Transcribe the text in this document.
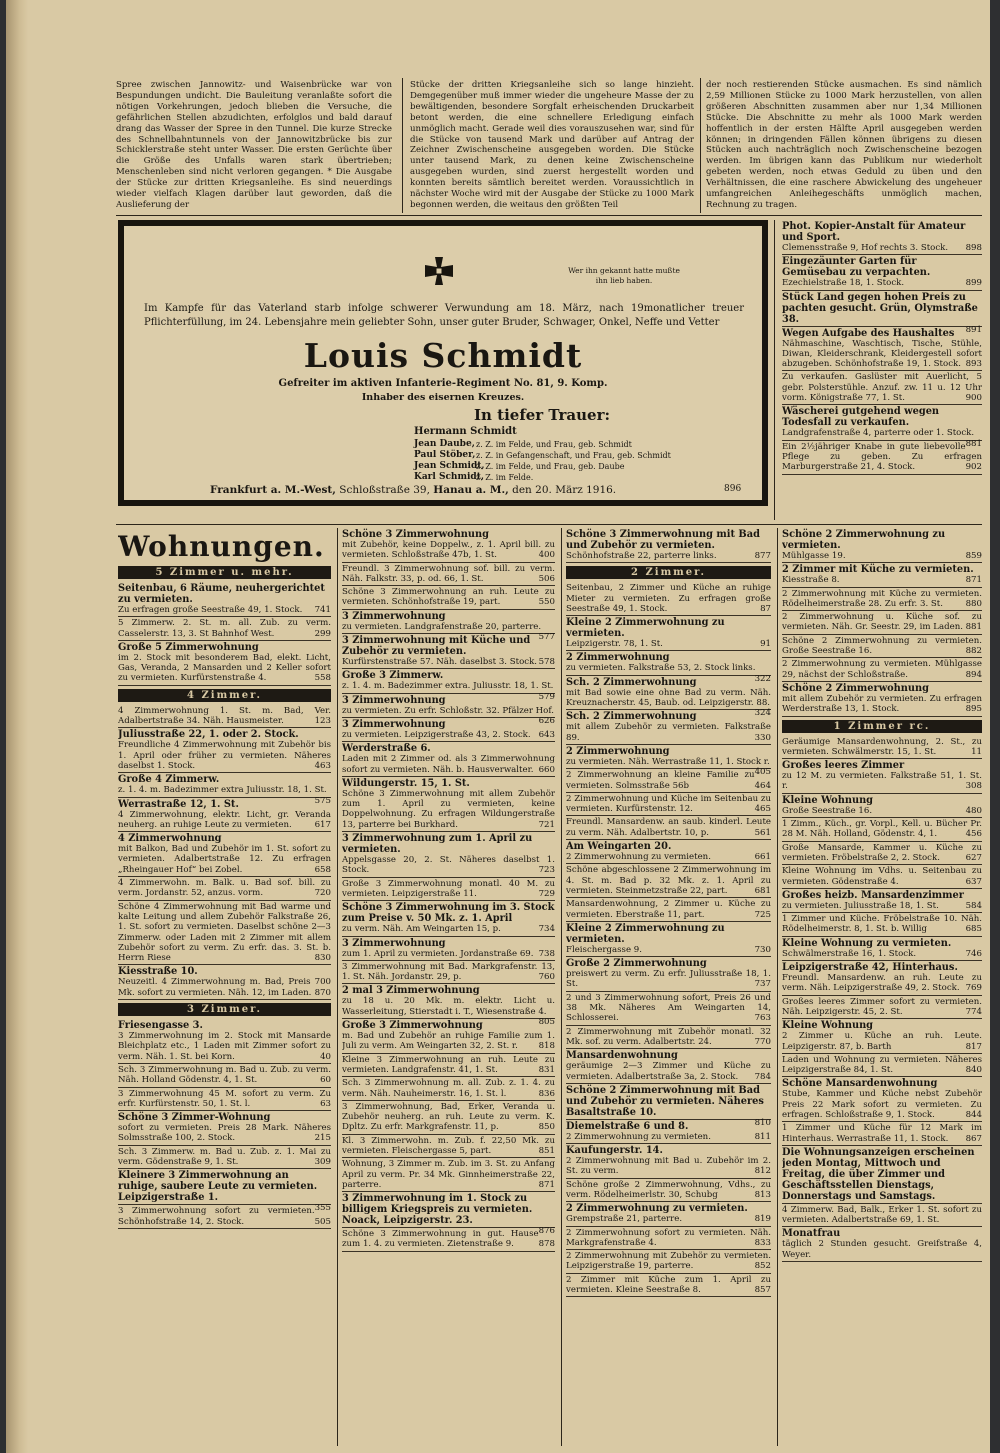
Spree zwischen Jannowitz- und Waisenbrücke war von Bespundungen undicht. Die Bauleitung veranlaßte sofort die nötigen Vorkehrungen, jedoch blieben die Versuche, die gefährlichen Stellen abzudichten, erfolglos und bald darauf drang das Wasser der Spree in den Tunnel. Die kurze Strecke des Schnellbahntunnels von der Jannowitzbrücke bis zur Schicklerstraße steht unter Wasser. Die ersten Gerüchte über die Größe des Unfalls waren stark übertrieben; Menschenleben sind nicht verloren gegangen. * Die Ausgabe der Stücke zur dritten Kriegsanleihe. Es sind neuerdings wieder vielfach Klagen darüber laut geworden, daß die Auslieferung der

Stücke der dritten Kriegsanleihe sich so lange hinzieht. Demgegenüber muß immer wieder die ungeheure Masse der zu bewältigenden, besondere Sorgfalt erheischenden Druckarbeit betont werden, die eine schnellere Erledigung einfach unmöglich macht. Gerade weil dies vorauszusehen war, sind für die Stücke von tausend Mark und darüber auf Antrag der Zeichner Zwischenscheine ausgegeben worden. Die Stücke unter tausend Mark, zu denen keine Zwischenscheine ausgegeben wurden, sind zuerst hergestellt worden und konnten bereits sämtlich bereitet werden. Voraussichtlich in nächster Woche wird mit der Ausgabe der Stücke zu 1000 Mark begonnen werden, die weitaus den größten Teil

der noch restierenden Stücke ausmachen. Es sind nämlich 2,59 Millionen Stücke zu 1000 Mark herzustellen, von allen größeren Abschnitten zusammen aber nur 1,34 Millionen Stücke. Die Abschnitte zu mehr als 1000 Mark werden hoffentlich in der ersten Hälfte April ausgegeben werden können; in dringenden Fällen können übrigens zu diesen Stücken auch nachträglich noch Zwischenscheine bezogen werden. Im übrigen kann das Publikum nur wiederholt gebeten werden, noch etwas Geduld zu üben und den Verhältnissen, die eine raschere Abwickelung des ungeheuer umfangreichen Anleihegeschäfts unmöglich machen, Rechnung zu tragen.

Wer ihn gekannt hatte mußte ihn lieb haben.
Im Kampfe für das Vaterland starb infolge schwerer Verwundung am 18. März, nach 19monatlicher treuer Pflichterfüllung, im 24. Lebensjahre mein geliebter Sohn, unser guter Bruder, Schwager, Onkel, Neffe und Vetter
Louis Schmidt
Gefreiter im aktiven Infanterie-Regiment No. 81, 9. Komp.
Inhaber des eisernen Kreuzes.
In tiefer Trauer:
Hermann Schmidt
Jean Daube, z. Z. im Felde, und Frau, geb. Schmidt
Paul Stöber, z. Z. in Gefangenschaft, und Frau, geb. Schmidt
Jean Schmidt,
z. Z. im Felde, und Frau, geb. Daube
Karl Schmidt,
z. Z. im Felde.
Frankfurt a. M.-West, Schloßstraße 39, Hanau a. M., den 20. März 1916.	896
Phot. Kopier-Anstalt für Amateur und Sport.
Clemensstraße 9, Hof rechts 3. Stock. 898
Eingezäunter Garten für Gemüsebau zu verpachten.
Ezechielstraße 18, 1. Stock.	899
Stück Land gegen hohen Preis zu pachten gesucht. Grün, Olymstraße 38.
891
Wegen Aufgabe des Haushaltes
Nähmaschine, Waschtisch, Tische, Stühle, Diwan, Kleiderschrank, Kleidergestell sofort abzugeben. Schönhofstraße 19, 1. Stock. 893
Zu verkaufen. Gaslüster mit Auerlicht, 5 gebr. Polsterstühle. Anzuf. zw. 11 u. 12 Uhr vorm. Königstraße 77, 1. St.	900
Wäscherei gutgehend wegen Todesfall zu verkaufen.
Landgrafenstraße 4, parterre oder 1. Stock.
881
Ein 2½jähriger Knabe in gute liebevolle Pflege zu geben. Zu erfragen Marburgerstraße 21, 4. Stock.	902
Wohnungen.
5 Zimmer u. mehr.
Seitenbau, 6 Räume, neuhergerichtet zu vermieten.
Zu erfragen große Seestraße 49, 1. Stock. 741
5 Zimmerw. 2. St. m. all. Zub. zu verm. Casselerstr. 13, 3. St Bahnhof West.	299
Große 5 Zimmerwohnung
im 2. Stock mit besonderem Bad, elekt. Licht, Gas, Veranda, 2 Mansarden und 2 Keller sofort zu vermieten. Kurfürstenstraße 4.	558
4 Zimmer.
4 Zimmerwohnung 1. St. m. Bad, Ver. Adalbertstraße 34. Näh. Hausmeister.	123
Juliusstraße 22, 1. oder 2. Stock.
Freundliche 4 Zimmerwohnung mit Zubehör bis 1. April oder früher zu vermieten. Näheres daselbst 1. Stock.	463
Große 4 Zimmerw.
z. 1. 4. m. Badezimmer extra Juliusstr. 18, 1. St.
575
Werrastraße 12, 1. St.
4 Zimmerwohnung, elektr. Licht, gr. Veranda neuherg. an ruhige Leute zu vermieten.	617
4 Zimmerwohnung
mit Balkon, Bad und Zubehör im 1. St. sofort zu vermieten. Adalbertstraße 12. Zu erfragen „Rheingauer Hof“ bei Zobel.	658
4 Zimmerwohn. m. Balk. u. Bad sof. bill. zu verm. Jordanstr. 52, anzus. vorm.	720
Schöne 4 Zimmerwohnung mit Bad warme und kalte Leitung und allem Zubehör Falkstraße 26, 1. St. sofort zu vermieten. Daselbst schöne 2—3 Zimmerw. oder Laden mit 2 Zimmer mit allem Zubehör sofort zu verm. Zu erfr. das. 3. St. b. Herrn Riese	830
Kiesstraße 10.
Neuzeitl. 4 Zimmerwohnung m. Bad, Preis 700 Mk. sofort zu vermieten. Näh. 12, im Laden. 870
3 Zimmer.
Friesengasse 3.
3 Zimmerwohnung im 2. Stock mit Mansarde Bleichplatz etc., 1 Laden mit Zimmer sofort zu verm. Näh. 1. St. bei Korn.	40
Sch. 3 Zimmerwohnung m. Bad u. Zub. zu verm. Näh. Holland Gödenstr. 4, 1. St.	60
3 Zimmerwohnung 45 M. sofort zu verm. Zu erfr. Kurfürstenstr. 50, 1. St. l.	63
Schöne 3 Zimmer-Wohnung
sofort zu vermieten. Preis 28 Mark. Näheres Solmsstraße 100, 2. Stock.	215
Sch. 3 Zimmerw. m. Bad u. Zub. z. 1. Mai zu verm. Gödenstraße 9, 1. St.	309
Kleinere 3 Zimmerwohnung an ruhige, saubere Leute zu vermieten. Leipzigerstraße 1.
355
3 Zimmerwohnung sofort zu vermieten. Schönhofstraße 14, 2. Stock.	505
Schöne 3 Zimmerwohnung
mit Zubehör, keine Doppelw., z. 1. April bill. zu vermieten. Schloßstraße 47b, 1. St.	400
Freundl. 3 Zimmerwohnung sof. bill. zu verm. Näh. Falkstr. 33, p. od. 66, 1. St.	506
Schöne 3 Zimmerwohnung an ruh. Leute zu vermieten. Schönhofstraße 19, part.	550
3 Zimmerwohnung
zu vermieten. Landgrafenstraße 20, parterre.
577
3 Zimmerwohnung mit Küche und Zubehör zu vermieten.
Kurfürstenstraße 57. Näh. daselbst 3. Stock. 578
Große 3 Zimmerw.
z. 1. 4. m. Badezimmer extra. Juliusstr. 18, 1. St.
579
3 Zimmerwohnung
zu vermieten. Zu erfr. Schloßstr. 32. Pfälzer Hof.
626
3 Zimmerwohnung
zu vermieten. Leipzigerstraße 43, 2. Stock. 643
Werderstraße 6.
Laden mit 2 Zimmer od. als 3 Zimmerwohnung sofort zu vermieten. Näh. b. Hausverwalter. 660
Wildungerstr. 15, 1. St.
Schöne 3 Zimmerwohnung mit allem Zubehör zum 1. April zu vermieten, keine Doppelwohnung. Zu erfragen Wildungerstraße 13, parterre bei Burkhard.	721
3 Zimmerwohnung zum 1. April zu vermieten.
Appelsgasse 20, 2. St. Näheres daselbst 1. Stock.	723
Große 3 Zimmerwohnung monatl. 40 M. zu vermieten. Leipzigerstraße 11.	729
Schöne 3 Zimmerwohnung im 3. Stock zum Preise v. 50 Mk. z. 1. April
zu verm. Näh. Am Weingarten 15, p.	734
3 Zimmerwohnung
zum 1. April zu vermieten. Jordanstraße 69. 738
3 Zimmerwohnung mit Bad. Markgrafenstr. 13, 1. St. Näh. Jordanstr. 29, p.	760
2 mal 3 Zimmerwohnung
zu 18 u. 20 Mk. m. elektr. Licht u. Wasserleitung, Stierstadt i. T., Wiesenstraße 4.
805
Große 3 Zimmerwohnung
m. Bad und Zubehör an ruhige Familie zum 1. Juli zu verm. Am Weingarten 32, 2. St. r. 818
Kleine 3 Zimmerwohnung an ruh. Leute zu vermieten. Landgrafenstr. 41, 1. St.	831
Sch. 3 Zimmerwohnung m. all. Zub. z. 1. 4. zu verm. Näh. Nauheimerstr. 16, 1. St. l.	836
3 Zimmerwohnung, Bad, Erker, Veranda u. Zubehör neuherg. an ruh. Leute zu verm. K. Dpltz. Zu erfr. Markgrafenstr. 11, p.	850
Kl. 3 Zimmerwohn. m. Zub. f. 22,50 Mk. zu vermieten. Fleischergasse 5, part.	851
Wohnung, 3 Zimmer m. Zub. im 3. St. zu Anfang April zu verm. Pr. 34 Mk. Ginnheimerstraße 22, parterre.	871
3 Zimmerwohnung im 1. Stock zu billigem Kriegspreis zu vermieten. Noack, Leipzigerstr. 23.
876
Schöne 3 Zimmerwohnung in gut. Hause zum 1. 4. zu vermieten. Zietenstraße 9.	878
Schöne 3 Zimmerwohnung mit Bad und Zubehör zu vermieten.
Schönhofstraße 22, parterre links.	877
2 Zimmer.
Seitenbau, 2 Zimmer und Küche an ruhige Mieter zu vermieten. Zu erfragen große Seestraße 49, 1. Stock.	87
Kleine 2 Zimmerwohnung zu vermieten.
Leipzigerstr. 78, 1. St.	91
2 Zimmerwohnung
zu vermieten. Falkstraße 53, 2. Stock links.
322
Sch. 2 Zimmerwohnung
mit Bad sowie eine ohne Bad zu verm. Näh. Kreuznacherstr. 45, Baub. od. Leipzigerstr. 88.
324
Sch. 2 Zimmerwohnung
mit allem Zubehör zu vermieten. Falkstraße 89.	330
2 Zimmerwohnung
zu vermieten. Näh. Werrastraße 11, 1. Stock r.
405
2 Zimmerwohnung an kleine Familie zu vermieten. Solmsstraße 56b	464
2 Zimmerwohnung und Küche im Seitenbau zu vermieten. Kurfürstenstr. 12.	465
Freundl. Mansardenw. an saub. kinderl. Leute zu verm. Näh. Adalbertstr. 10, p.	561
Am Weingarten 20.
2 Zimmerwohnung zu vermieten.	661
Schöne abgeschlossene 2 Zimmerwohnung im 4. St. m. Bad p. 32 Mk. z. 1. April zu vermieten. Steinmetzstraße 22, part.	681
Mansardenwohnung, 2 Zimmer u. Küche zu vermieten. Eberstraße 11, part.	725
Kleine 2 Zimmerwohnung zu vermieten.
Fleischergasse 9.	730
Große 2 Zimmerwohnung
preiswert zu verm. Zu erfr. Juliusstraße 18, 1. St.	737
2 und 3 Zimmerwohnung sofort, Preis 26 und 38 Mk. Näheres Am Weingarten 14, Schlosserei.	763
2 Zimmerwohnung mit Zubehör monatl. 32 Mk. sof. zu verm. Adalbertstr. 24.	770
Mansardenwohnung
geräumige 2—3 Zimmer und Küche zu vermieten. Adalbertstraße 3a, 2. Stock. 784
Schöne 2 Zimmerwohnung mit Bad und Zubehör zu vermieten. Näheres Basaltstraße 10.
810
Diemelstraße 6 und 8.
2 Zimmerwohnung zu vermieten.	811
Kaufungerstr. 14.
2 Zimmerwohnung mit Bad u. Zubehör im 2. St. zu verm.	812
Schöne große 2 Zimmerwohnung, Vdhs., zu verm. Rödelheimerlstr. 30, Schubg	813
2 Zimmerwohnung zu vermieten.
Grempstraße 21, parterre.	819
2 Zimmerwohnung sofort zu vermieten. Näh. Markgrafenstraße 4.	833
2 Zimmerwohnung mit Zubehör zu vermieten. Leipzigerstraße 19, parterre.	852
2 Zimmer mit Küche zum 1. April zu vermieten. Kleine Seestraße 8.	857
Schöne 2 Zimmerwohnung zu vermieten.
Mühlgasse 19.	859
2 Zimmer mit Küche zu vermieten.
Kiesstraße 8.	871
2 Zimmerwohnung mit Küche zu vermieten. Rödelheimerstraße 28. Zu erfr. 3. St.	880
2 Zimmerwohnung u. Küche sof. zu vermieten. Näh. Gr. Seestr. 29, im Laden. 881
Schöne 2 Zimmerwohnung zu vermieten. Große Seestraße 16.	882
2 Zimmerwohnung zu vermieten. Mühlgasse 29, nächst der Schloßstraße.	894
Schöne 2 Zimmerwohnung
mit allem Zubehör zu vermieten. Zu erfragen Werderstraße 13, 1. Stock.	895
1 Zimmer rc.
Geräumige Mansardenwohnung, 2. St., zu vermieten. Schwälmerstr. 15, 1. St.	11
Großes leeres Zimmer
zu 12 M. zu vermieten. Falkstraße 51, 1. St. r.	308
Kleine Wohnung
Große Seestraße 16.	480
1 Zimm., Küch., gr. Vorpl., Kell. u. Bücher Pr. 28 M. Näh. Holland, Gödenstr. 4, 1.	456
Große Mansarde, Kammer u. Küche zu vermieten. Fröbelstraße 2, 2. Stock.	627
Kleine Wohnung im Vdhs. u. Seitenbau zu vermieten. Gödenstraße 4.	637
Großes heizb. Mansardenzimmer
zu vermieten. Juliusstraße 18, 1. St.	584
1 Zimmer und Küche. Fröbelstraße 10. Näh. Rödelheimerstr. 8, 1. St. b. Willig	685
Kleine Wohnung zu vermieten.
Schwälmerstraße 16, 1. Stock.	746
Leipzigerstraße 42, Hinterhaus.
Freundl. Mansardenw. an ruh. Leute zu verm. Näh. Leipzigerstraße 49, 2. Stock. 769
Großes leeres Zimmer sofort zu vermieten. Näh. Leipzigerstr. 45, 2. St.	774
Kleine Wohnung
2 Zimmer u. Küche an ruh. Leute. Leipzigerstr. 87, b. Barth	817
Laden und Wohnung zu vermieten. Näheres Leipzigerstraße 84, 1. St.	840
Schöne Mansardenwohnung
Stube, Kammer und Küche nebst Zubehör Preis 22 Mark sofort zu vermieten. Zu erfragen. Schloßstraße 9, 1. Stock.	844
1 Zimmer und Küche für 12 Mark im Hinterhaus. Werrastraße 11, 1. Stock. 867
Die Wohnungsanzeigen erscheinen jeden Montag, Mittwoch und Freitag, die über Zimmer und Geschäftsstellen Dienstags, Donnerstags und Samstags.
4 Zimmerw. Bad, Balk., Erker 1. St. sofort zu vermieten. Adalbertstraße 69, 1. St.
Monatfrau
täglich 2 Stunden gesucht. Greifstraße 4, Weyer.
